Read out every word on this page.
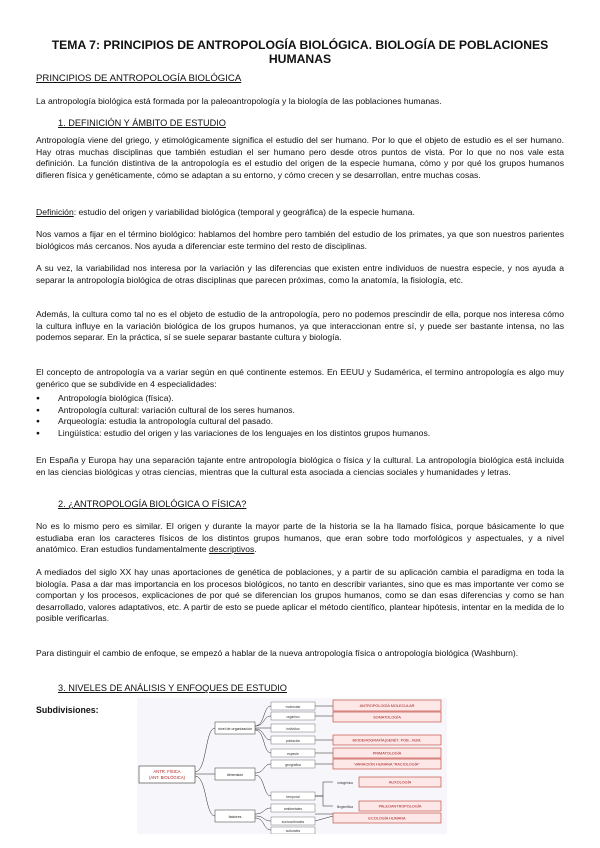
TEMA 7: PRINCIPIOS DE ANTROPOLOGÍA BIOLÓGICA. BIOLOGÍA DE POBLACIONES HUMANAS
PRINCIPIOS DE ANTROPOLOGÍA BIOLÓGICA
La antropología biológica está formada por la paleoantropología y la biología de las poblaciones humanas.
1. DEFINICIÓN Y ÁMBITO DE ESTUDIO
Antropología viene del griego, y etimológicamente significa el estudio del ser humano. Por lo que el objeto de estudio es el ser humano. Hay otras muchas disciplinas que también estudian el ser humano pero desde otros puntos de vista. Por lo que no nos vale esta definición. La función distintiva de la antropología es el estudio del origen de la especie humana, cómo y por qué los grupos humanos difieren física y genéticamente, cómo se adaptan a su entorno, y cómo crecen y se desarrollan, entre muchas cosas.
Definición: estudio del origen y variabilidad biológica (temporal y geográfica) de la especie humana.
Nos vamos a fijar en el término biológico: hablamos del hombre pero también del estudio de los primates, ya que son nuestros parientes biológicos más cercanos. Nos ayuda a diferenciar este termino del resto de disciplinas.
A su vez, la variabilidad nos interesa por la variación y las diferencias que existen entre individuos de nuestra especie, y nos ayuda a separar la antropología biológica de otras disciplinas que parecen próximas, como la anatomía, la fisiología, etc.
Además, la cultura como tal no es el objeto de estudio de la antropología, pero no podemos prescindir de ella, porque nos interesa cómo la cultura influye en la variación biológica de los grupos humanos, ya que interaccionan entre sí, y puede ser bastante intensa, no las podemos separar. En la práctica, sí se suele separar bastante cultura y biología.
El concepto de antropología va a variar según en qué continente estemos. En EEUU y Sudamérica, el termino antropología es algo muy genérico que se subdivide en 4 especialidades:
● Antropología biológica (física).
● Antropología cultural: variación cultural de los seres humanos.
● Arqueología: estudia la antropología cultural del pasado.
● Lingüística: estudio del origen y las variaciones de los lenguajes en los distintos grupos humanos.
En España y Europa hay una separación tajante entre antropología biológica o física y la cultural. La antropología biológica está incluida en las ciencias biológicas y otras ciencias, mientras que la cultural esta asociada a ciencias sociales y humanidades y letras.
2. ¿ANTROPOLOGÍA BIOLÓGICA O FÍSICA?
No es lo mismo pero es similar. El origen y durante la mayor parte de la historia se la ha llamado física, porque básicamente lo que estudiaba eran los caracteres físicos de los distintos grupos humanos, que eran sobre todo morfológicos y aspectuales, y a nivel anatómico. Eran estudios fundamentalmente descriptivos.
A mediados del siglo XX hay unas aportaciones de genética de poblaciones, y a partir de su aplicación cambia el paradigma en toda la biología. Pasa a dar mas importancia en los procesos biológicos, no tanto en describir variantes, sino que es mas importante ver como se comportan y los procesos, explicaciones de por qué se diferencian los grupos humanos, como se dan esas diferencias y como se han desarrollado, valores adaptativos, etc. A partir de esto se puede aplicar el método científico, plantear hipótesis, intentar en la medida de lo posible verificarlas.
Para distinguir el cambio de enfoque, se empezó a hablar de la nueva antropología física o antropología biológica (Washburn).
3. NIVELES DE ANÁLISIS Y ENFOQUES DE ESTUDIO
Subdivisiones:
ANTR. FÍSICA
(ANT. BIOLÓGICA)
nivel de organización
dimensión
factores
molecular
orgánico
individuo
población
especie
geográfica
temporal
ambientales
socioculturales
culturales
ANTROPOLOGÍA MOLECULAR
SOMATOLOGÍA
BIODEMOGRAFÍA(GENÉT. POB., HUM.
PRIMATOLOGÍA
VARIACIÓN HUMANA "RACIOLOGÍA"
AUXOLOGÍA
PALEOANTROPOLOGÍA
ECOLOGÍA HUMANA
ontogénica
filogenética
